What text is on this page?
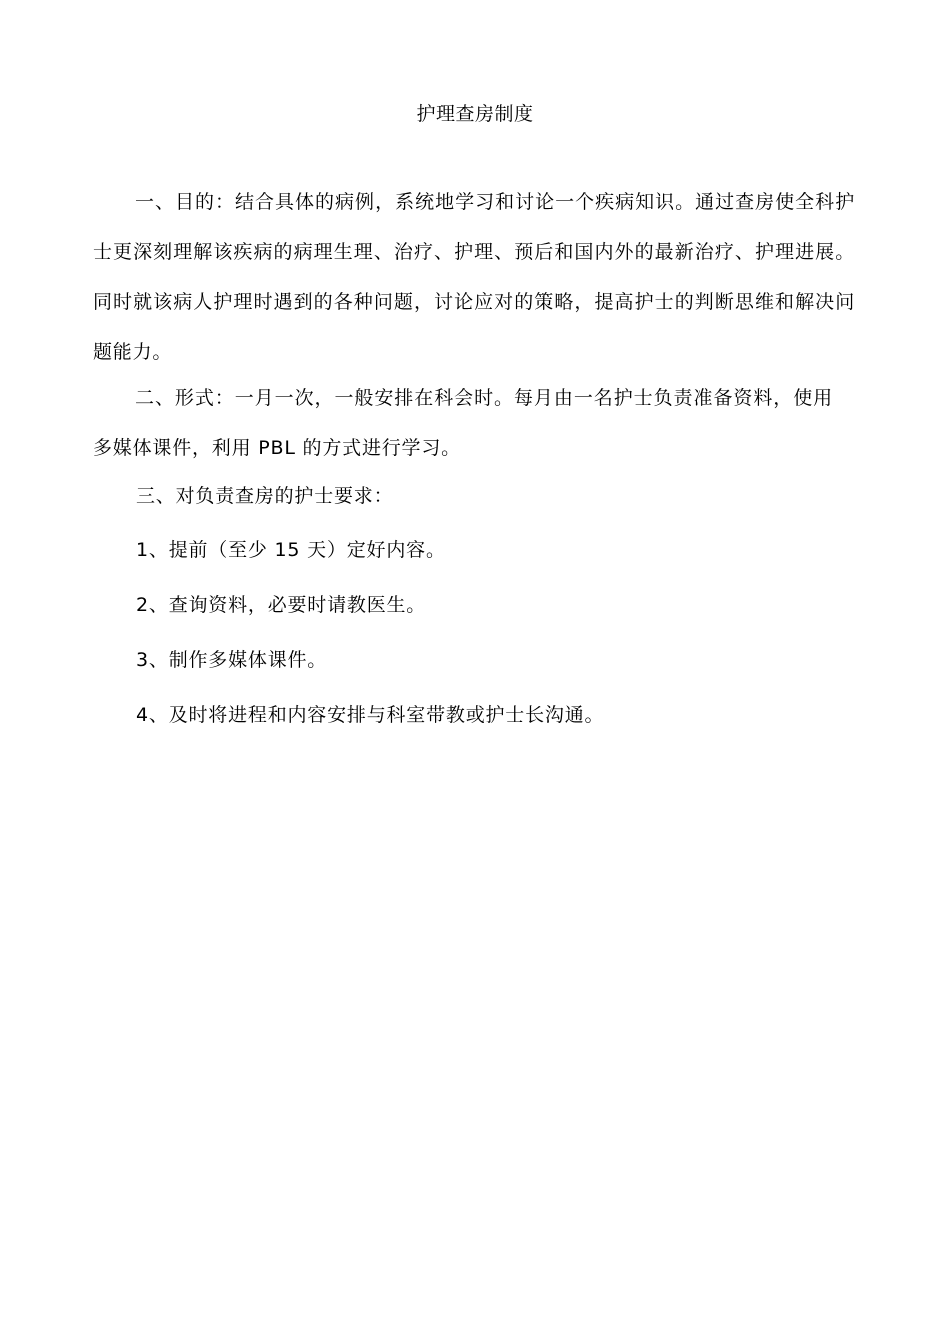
护理查房制度
一、目的：结合具体的病例，系统地学习和讨论一个疾病知识。通过查房使全科护士更深刻理解该疾病的病理生理、治疗、护理、预后和国内外的最新治疗、护理进展。同时就该病人护理时遇到的各种问题，讨论应对的策略，提高护士的判断思维和解决问题能力。
二、形式：一月一次，一般安排在科会时。每月由一名护士负责准备资料，使用多媒体课件，利用 PBL 的方式进行学习。
三、对负责查房的护士要求：
1、提前（至少 15 天）定好内容。
2、查询资料，必要时请教医生。
3、制作多媒体课件。
4、及时将进程和内容安排与科室带教或护士长沟通。
